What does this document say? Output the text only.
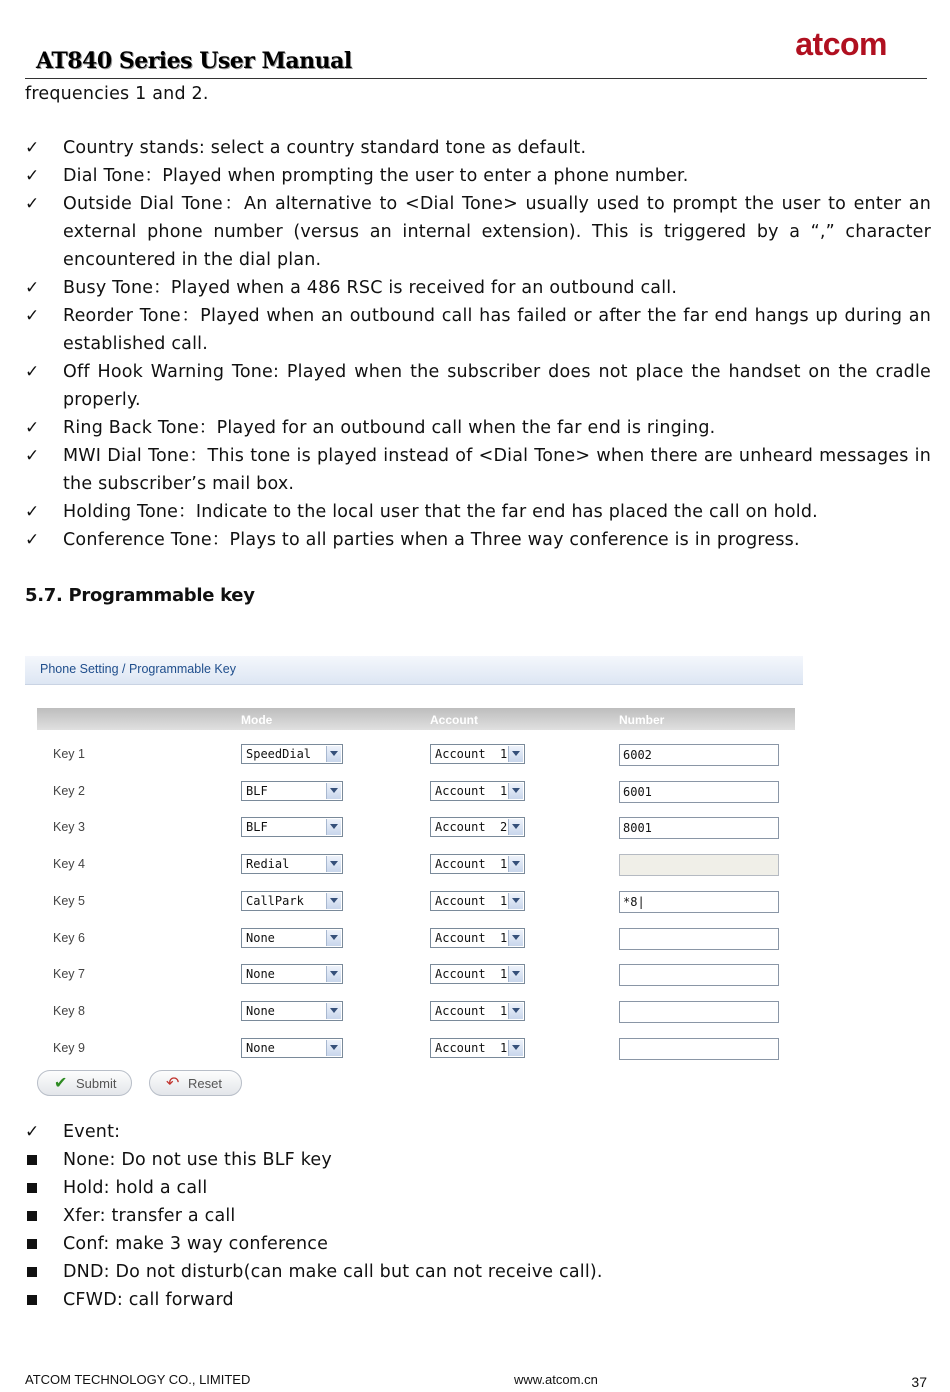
AT840 Series User Manual	atcom
frequencies 1 and 2.
✓ Country stands: select a country standard tone as default.
✓ Dial Tone：Played when prompting the user to enter a phone number.
✓ Outside Dial Tone：An alternative to <Dial Tone> usually used to prompt the user to enter an external phone number (versus an internal extension). This is triggered by a “,” character encountered in the dial plan.
✓ Busy Tone：Played when a 486 RSC is received for an outbound call.
✓ Reorder Tone：Played when an outbound call has failed or after the far end hangs up during an established call.
✓ Off Hook Warning Tone: Played when the subscriber does not place the handset on the cradle properly.
✓ Ring Back Tone：Played for an outbound call when the far end is ringing.
✓ MWI Dial Tone：This tone is played instead of <Dial Tone> when there are unheard messages in the subscriber’s mail box.
✓ Holding Tone：Indicate to the local user that the far end has placed the call on hold.
✓ Conference Tone：Plays to all parties when a Three way conference is in progress.
5.7. Programmable key
Phone Setting / Programmable Key
Mode	Account	Number
Key 1	SpeedDial	Account  1	6002
Key 2	BLF	Account  1	6001
Key 3	BLF	Account  2	8001
Key 4	Redial	Account  1
Key 5	CallPark	Account  1	*8|
Key 6	None	Account  1
Key 7	None	Account  1
Key 8	None	Account  1
Key 9	None	Account  1
✔ Submit	↶ Reset
✓ Event:
None: Do not use this BLF key
Hold: hold a call
Xfer: transfer a call
Conf: make 3 way conference
DND: Do not disturb(can make call but can not receive call).
CFWD: call forward
ATCOM TECHNOLOGY CO., LIMITED	www.atcom.cn	37
